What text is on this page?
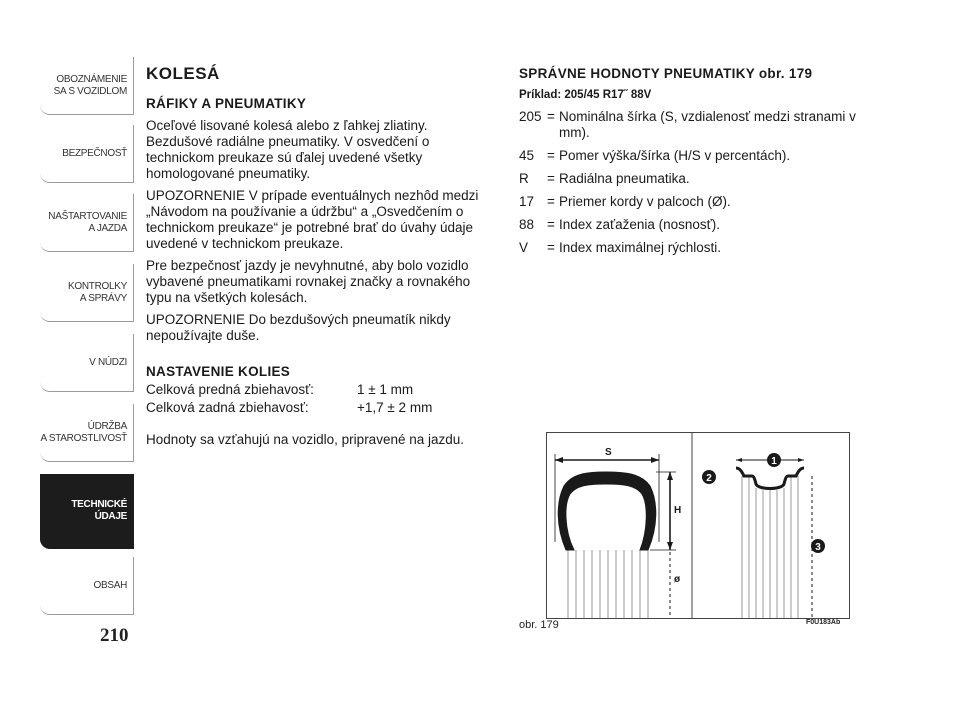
OBOZNÁMENIE
SA S VOZIDLOM
BEZPEČNOSŤ
NAŠTARTOVANIE
A JAZDA
KONTROLKY
A SPRÁVY
V NÚDZI
ÚDRŽBA
A STAROSTLIVOSŤ
TECHNICKÉ
ÚDAJE
OBSAH
210
KOLESÁ
RÁFIKY A PNEUMATIKY

Oceľové lisované kolesá alebo z ľahkej zliatiny. Bezdušové radiálne pneumatiky. V osvedčení o technickom preukaze sú ďalej uvedené všetky homologované pneumatiky.

UPOZORNENIE V prípade eventuálnych nezhôd medzi „Návodom na používanie a údržbu“ a „Osvedčením o technickom preukaze“ je potrebné brať do úvahy údaje uvedené v technickom preukaze.

Pre bezpečnosť jazdy je nevyhnutné, aby bolo vozidlo vybavené pneumatikami rovnakej značky a rovnakého typu na všetkých kolesách.

UPOZORNENIE Do bezdušových pneumatík nikdy nepoužívajte duše.

NASTAVENIE KOLIES
Celková predná zbiehavosť:	1 ± 1 mm
Celková zadná zbiehavosť:	+1,7 ± 2 mm

Hodnoty sa vzťahujú na vozidlo, pripravené na jazdu.

SPRÁVNE HODNOTY PNEUMATIKY obr. 179
Príklad: 205/45 R17˝ 88V
205 = Nominálna šírka (S, vzdialenosť medzi stranami v mm).
45 = Pomer výška/šírka (H/S v percentách).
R	= Radiálna pneumatika.
17 = Priemer kordy v palcoch (Ø).
88 = Index zaťaženia (nosnosť).
V	= Index maximálnej rýchlosti.
S
H
ø
1
2
3
obr. 179	F0U183Ab
